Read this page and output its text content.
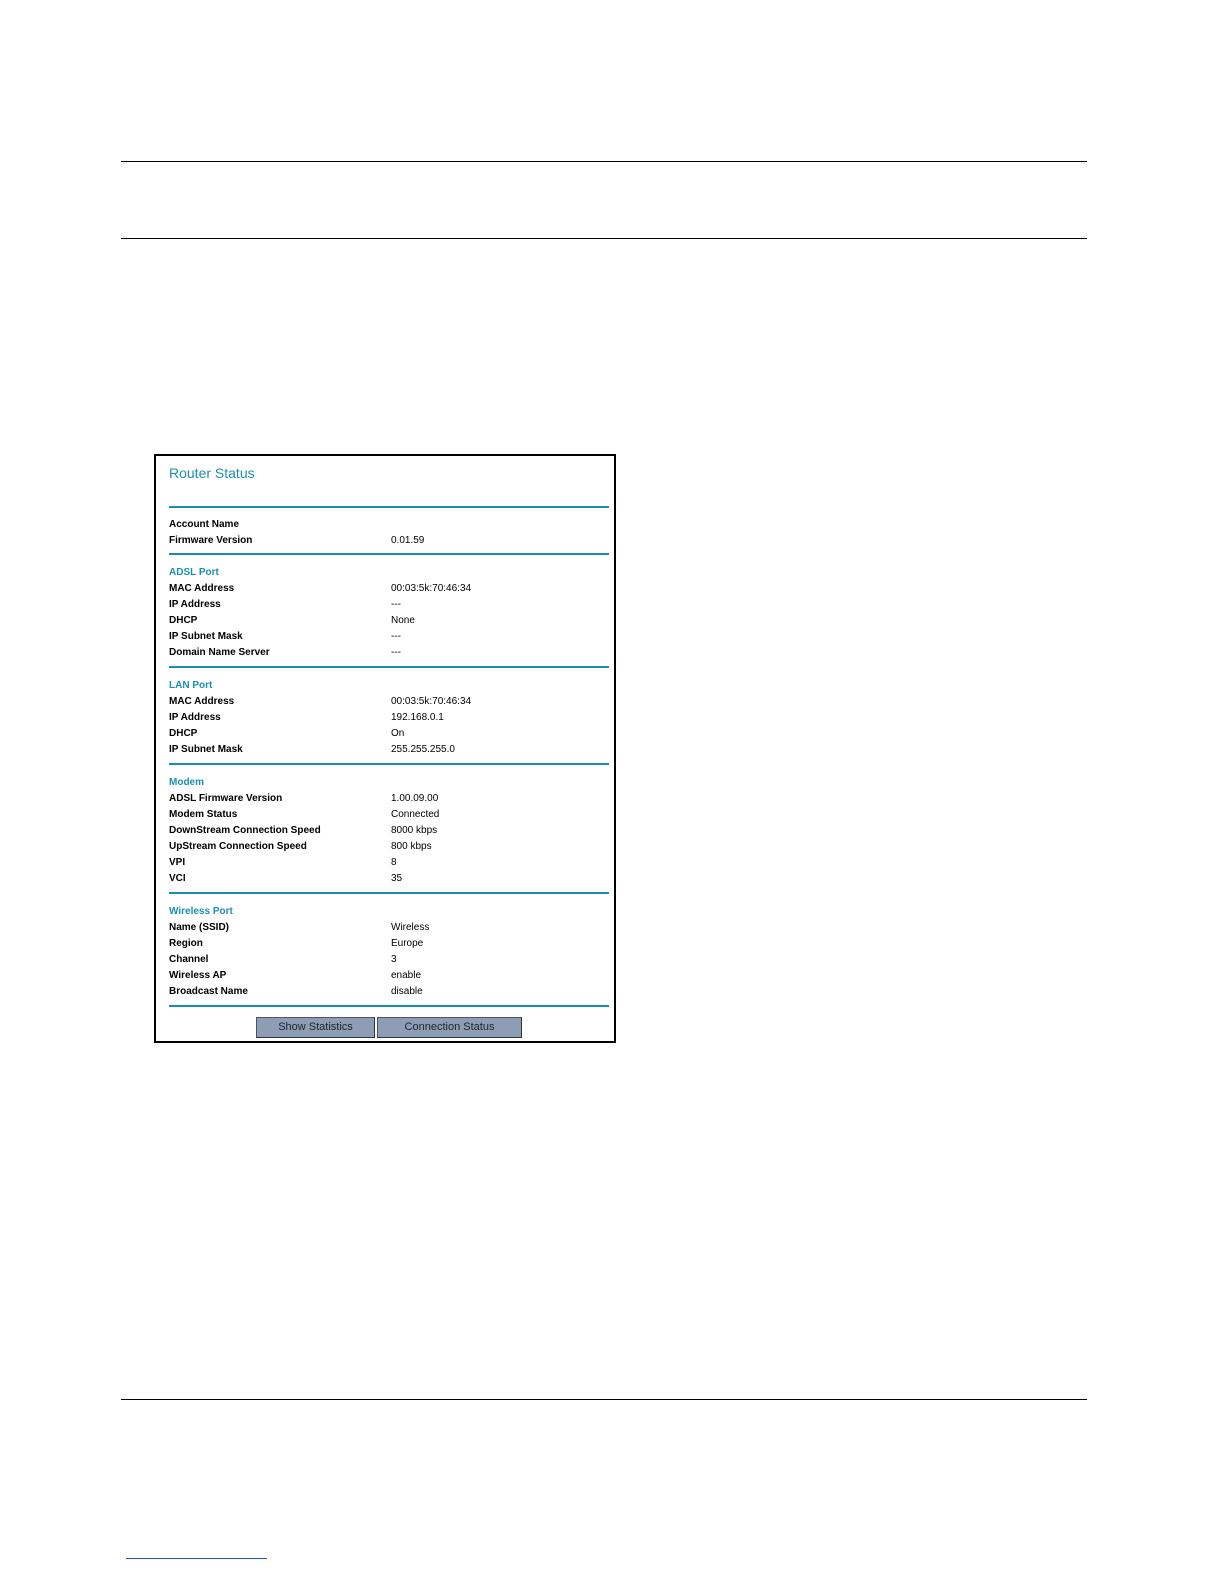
Router Status
Account Name
Firmware Version	0.01.59
ADSL Port
MAC Address	00:03:5k:70:46:34
IP Address	---
DHCP	None
IP Subnet Mask	---
Domain Name Server	---
LAN Port
MAC Address	00:03:5k:70:46:34
IP Address	192.168.0.1
DHCP	On
IP Subnet Mask	255.255.255.0
Modem
ADSL Firmware Version	1.00.09.00
Modem Status	Connected
DownStream Connection Speed	8000 kbps
UpStream Connection Speed	800 kbps
VPI	8
VCI	35
Wireless Port
Name (SSID)	Wireless
Region	Europe
Channel	3
Wireless AP	enable
Broadcast Name	disable
Show Statistics	Connection Status
